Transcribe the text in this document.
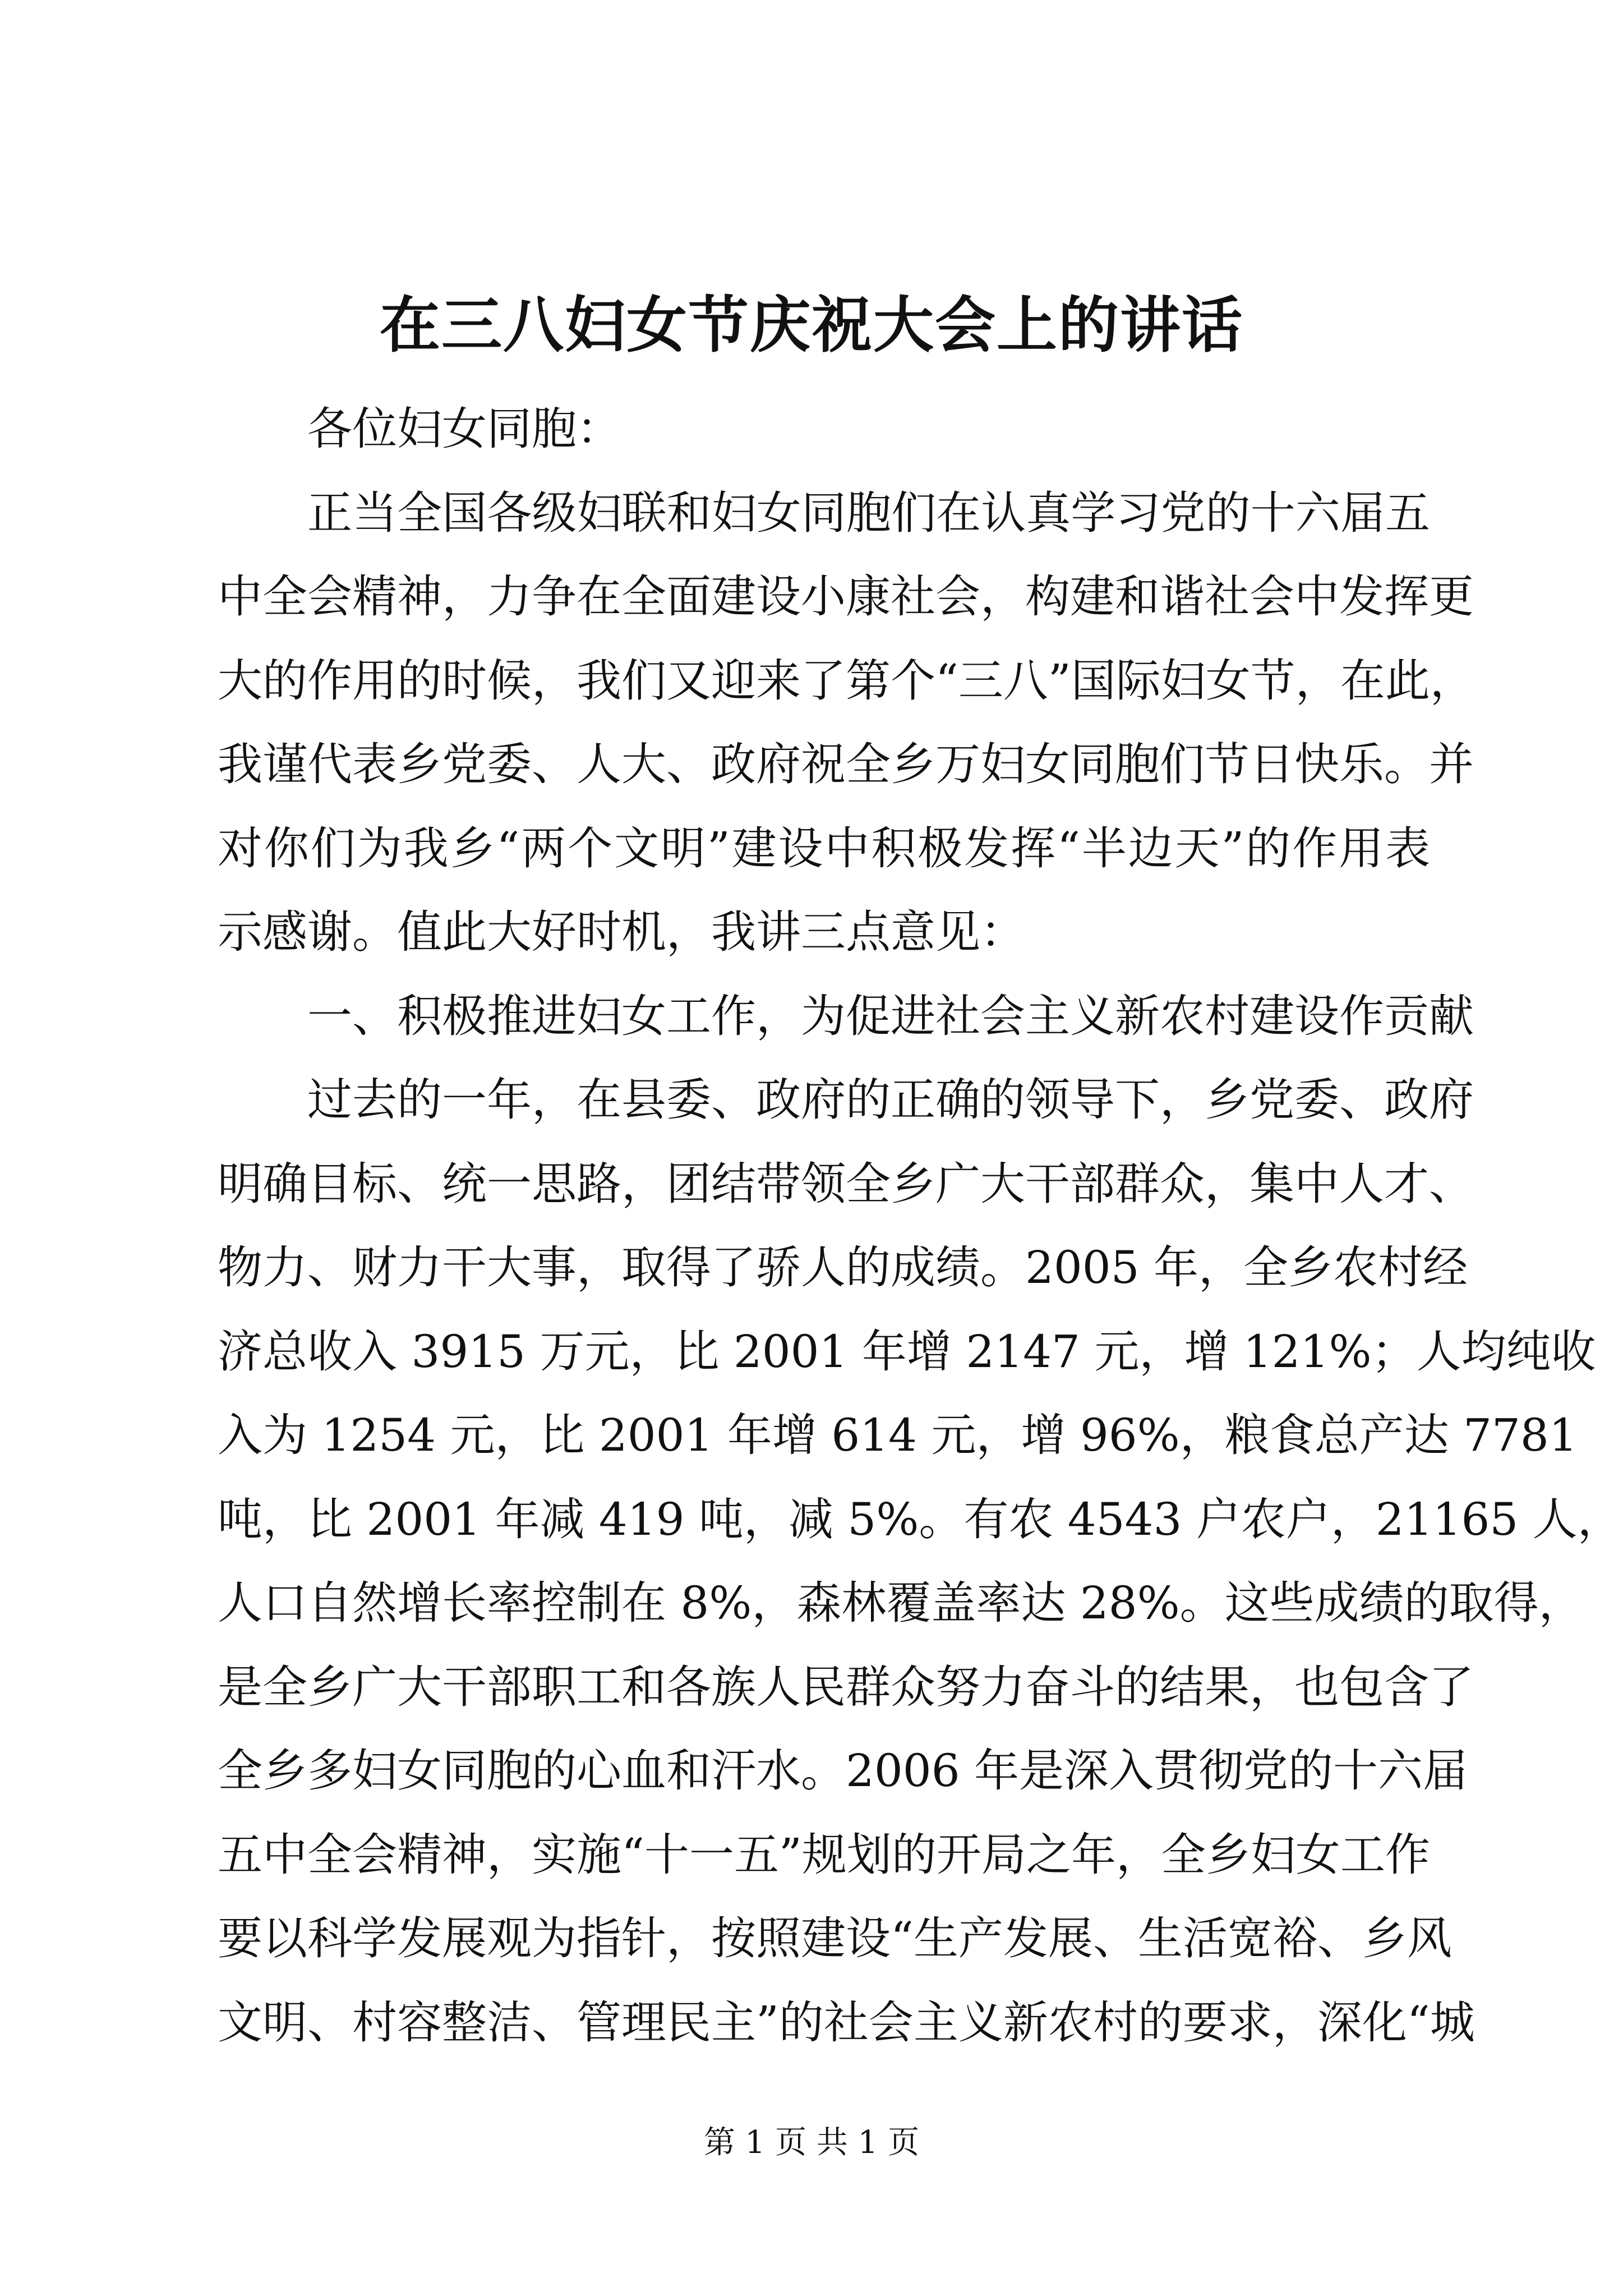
在三八妇女节庆祝大会上的讲话
各位妇女同胞：
正当全国各级妇联和妇女同胞们在认真学习党的十六届五
中全会精神，力争在全面建设小康社会，构建和谐社会中发挥更
大的作用的时候，我们又迎来了第个“三八”国际妇女节，在此，
我谨代表乡党委、人大、政府祝全乡万妇女同胞们节日快乐。并
对你们为我乡“两个文明”建设中积极发挥“半边天”的作用表
示感谢。值此大好时机，我讲三点意见：
一、积极推进妇女工作，为促进社会主义新农村建设作贡献
过去的一年，在县委、政府的正确的领导下，乡党委、政府
明确目标、统一思路，团结带领全乡广大干部群众，集中人才、
物力、财力干大事，取得了骄人的成绩。2005 年，全乡农村经
济总收入 3915 万元，比 2001 年增 2147 元，增 121%；人均纯收
入为 1254 元，比 2001 年增 614 元，增 96%，粮食总产达 7781
吨，比 2001 年减 419 吨，减 5%。有农 4543 户农户，21165 人，
人口自然增长率控制在 8%，森林覆盖率达 28%。这些成绩的取得，
是全乡广大干部职工和各族人民群众努力奋斗的结果，也包含了
全乡多妇女同胞的心血和汗水。2006 年是深入贯彻党的十六届
五中全会精神，实施“十一五”规划的开局之年，全乡妇女工作
要以科学发展观为指针，按照建设“生产发展、生活宽裕、乡风
文明、村容整洁、管理民主”的社会主义新农村的要求，深化“城
第 1 页 共 1 页
